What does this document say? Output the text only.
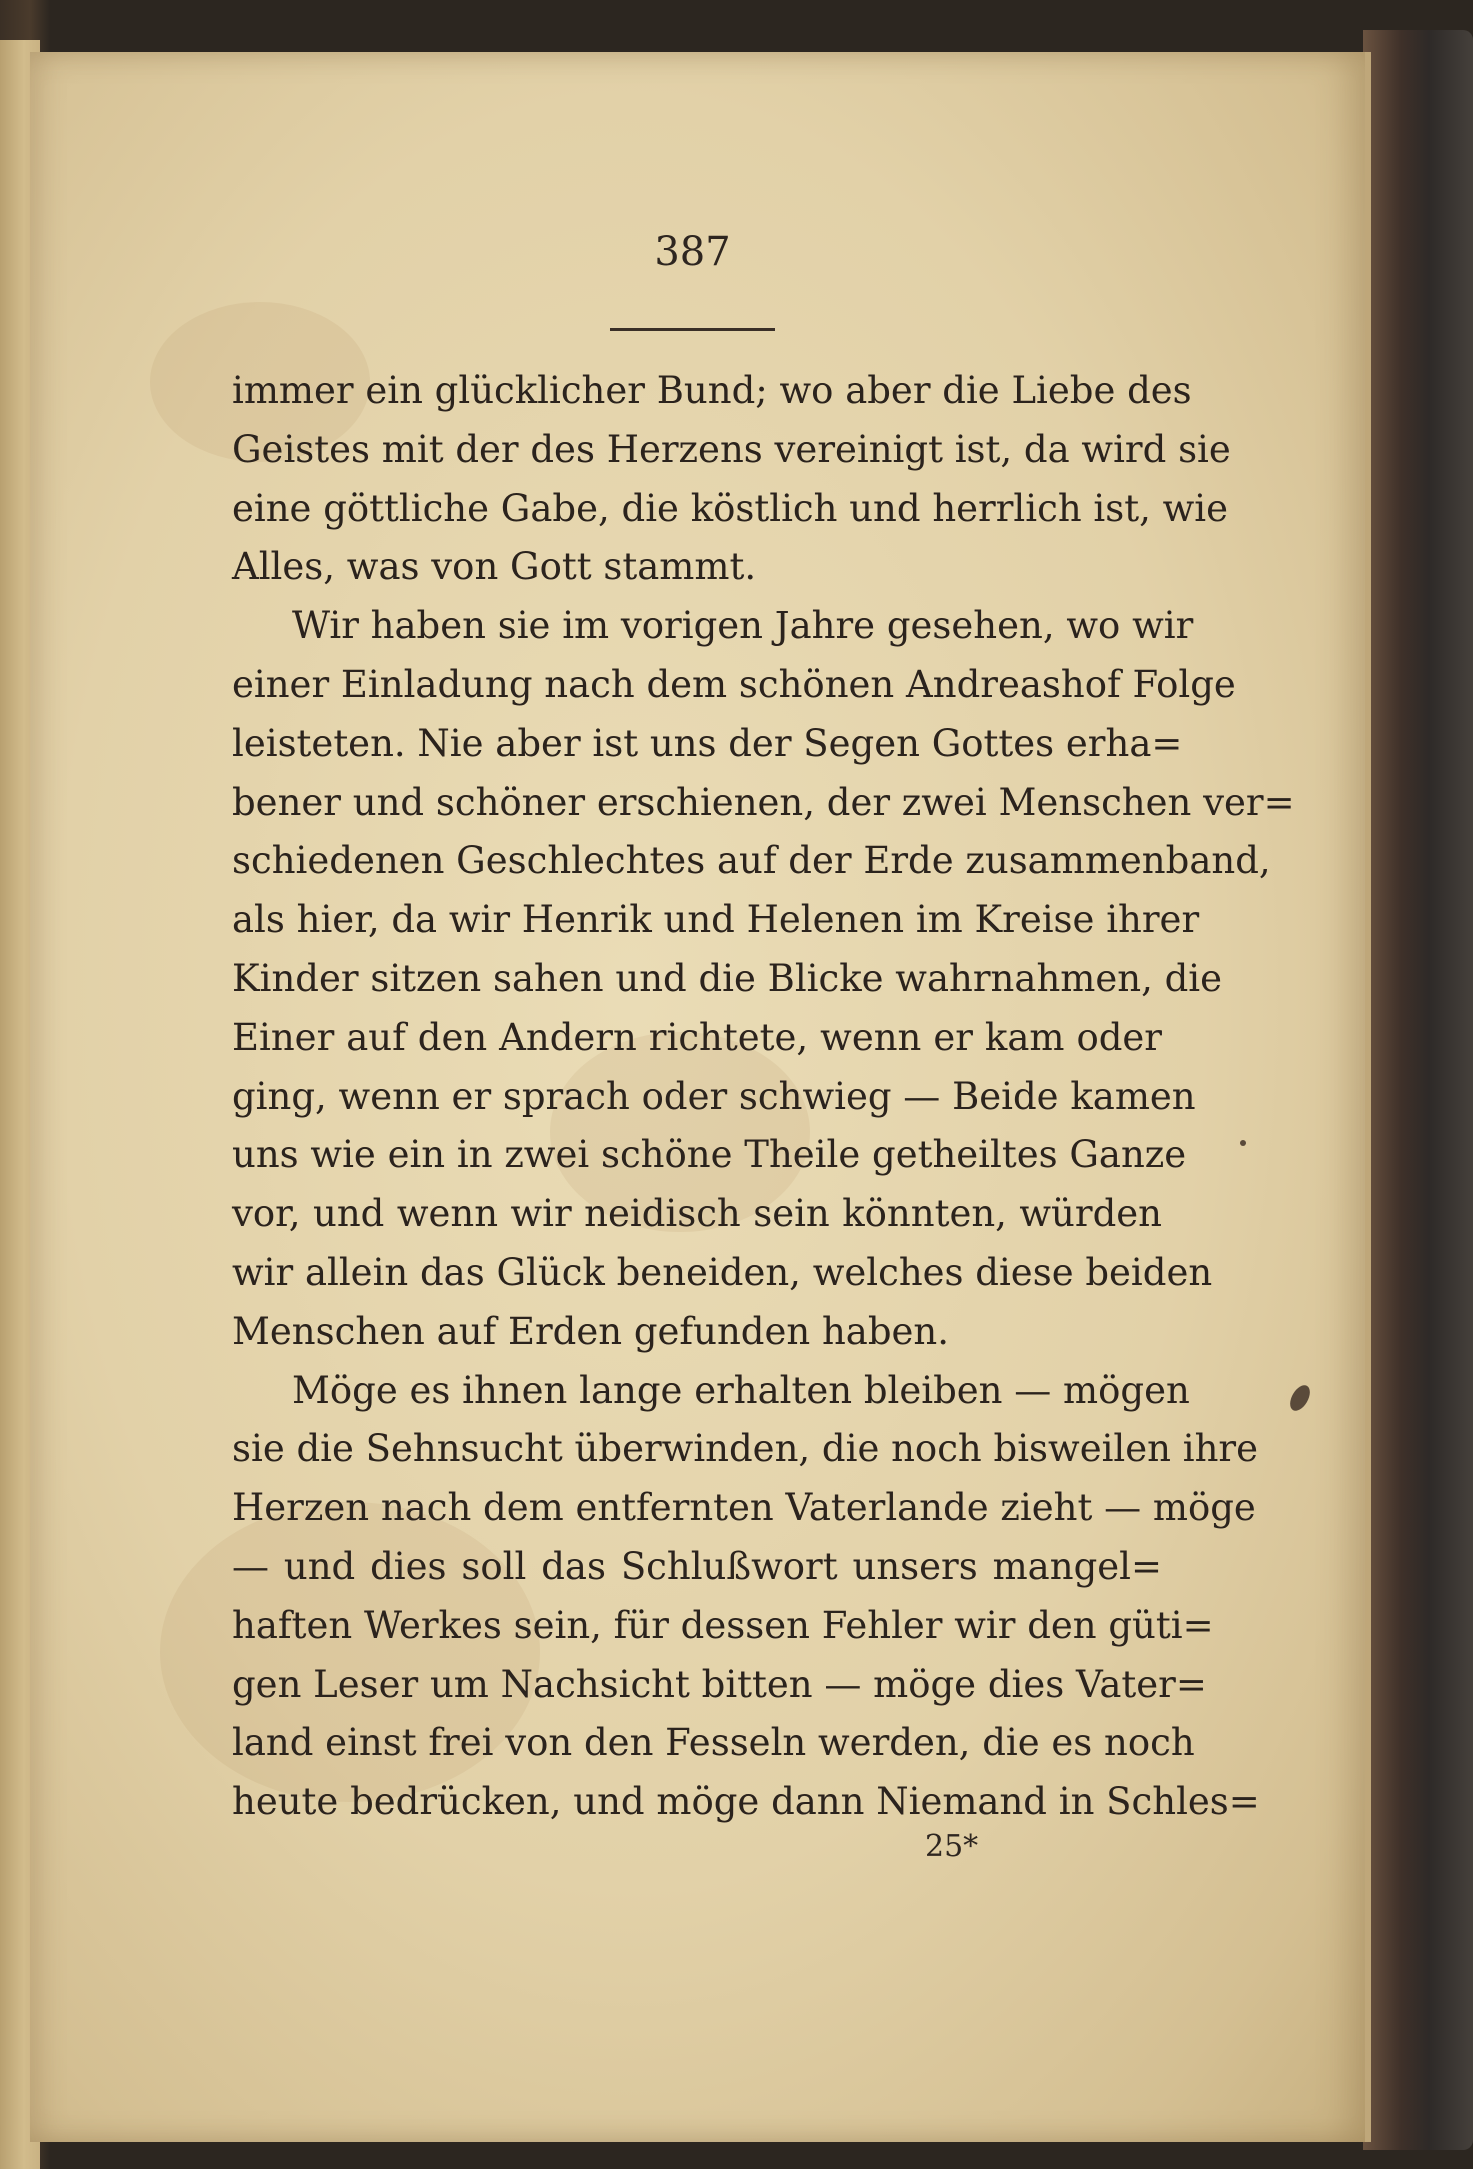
387
immer ein glücklicher Bund; wo aber die Liebe des
Geistes mit der des Herzens vereinigt ist, da wird sie
eine göttliche Gabe, die köstlich und herrlich ist, wie
Alles, was von Gott stammt.
Wir haben sie im vorigen Jahre gesehen, wo wir
einer Einladung nach dem schönen Andreashof Folge
leisteten. Nie aber ist uns der Segen Gottes erha=
bener und schöner erschienen, der zwei Menschen ver=
schiedenen Geschlechtes auf der Erde zusammenband,
als hier, da wir Henrik und Helenen im Kreise ihrer
Kinder sitzen sahen und die Blicke wahrnahmen, die
Einer auf den Andern richtete, wenn er kam oder
ging, wenn er sprach oder schwieg — Beide kamen
uns wie ein in zwei schöne Theile getheiltes Ganze
vor, und wenn wir neidisch sein könnten, würden
wir allein das Glück beneiden, welches diese beiden
Menschen auf Erden gefunden haben.
Möge es ihnen lange erhalten bleiben — mögen
sie die Sehnsucht überwinden, die noch bisweilen ihre
Herzen nach dem entfernten Vaterlande zieht — möge
— und dies soll das Schlußwort unsers mangel=
haften Werkes sein, für dessen Fehler wir den güti=
gen Leser um Nachsicht bitten — möge dies Vater=
land einst frei von den Fesseln werden, die es noch
heute bedrücken, und möge dann Niemand in Schles=
25*
